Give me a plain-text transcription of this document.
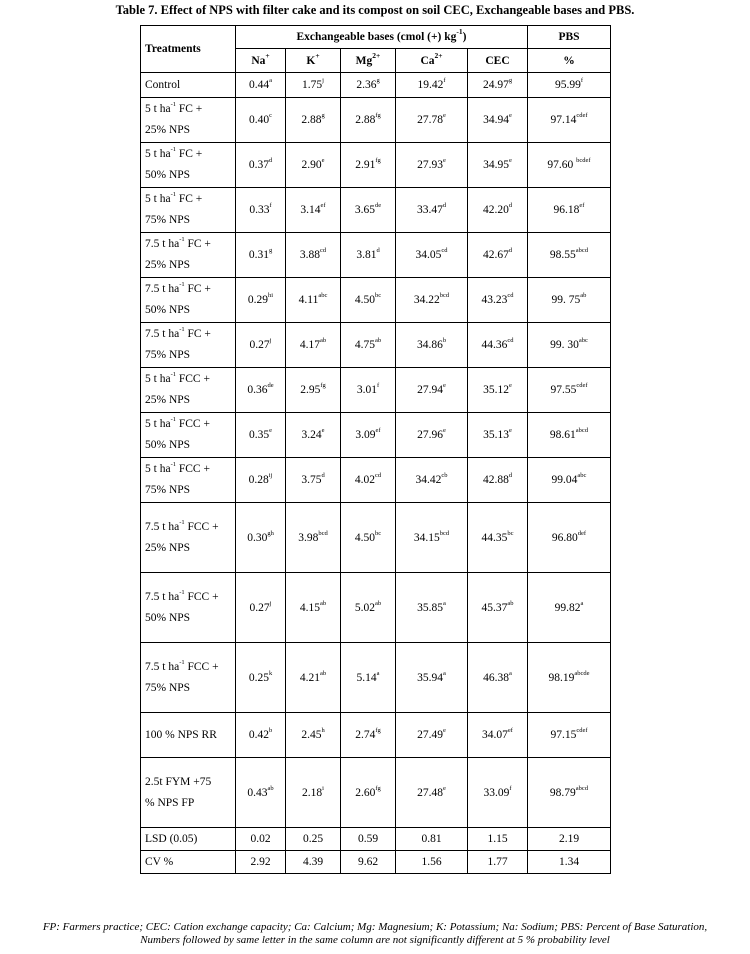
Table 7. Effect of NPS with filter cake and its compost on soil CEC, Exchangeable bases and PBS.
Treatments	Exchangeable bases (cmol (+) $kg^{-1}$)					PBS
	Na+	K+	$Mg^{2+}$	$Ca^{2+}$	CEC	%
Control	0.44$^a$	1.75$^j$	2.36$^g$	19.42$^f$	24.97$^g$	95.99$^f$
5 t $ha^{-1}$ FC +
25% NPS	0.40$^c$	2.88$^g$	2.88$^{fg}$	27.78e	34.94e	$97.14^{cdef}$
5 t $ha^{-1}$ FC +
50% NPS	0.37$^d$	2.90e	2.91$^{fg}$	27.93e	34.95e	97.60 $^{bcdef}$
5 t $ha^{-1}$ FC +
75% NPS	0.33$^f$	3.14$^{ef}$	3.65de	33.47$^d$	42.20$^d$	96.18$^{ef}$
7.5 t $ha^{-1}$ FC +
25% NPS	0.31$^g$	3.88$^{cd}$	3.81$^d$	34.05$^{cd}$	42.67$^d$	$98.55^{abcd}$
7.5 t $ha^{-1}$ FC +
50% NPS	$0.29^{hi}$	4.11$^{abc}$	4.50$^{bc}$	34.22$^{bcd}$	43.23$^{cd}$	99. $75^{ab}$
7.5 t $ha^{-1}$ FC +
75% NPS	0.27$^j$	4.17$^{ab}$	4.75$^{ab}$	34.86$^b$	44.36$^{cd}$	99. $30^{abc}$
5 t $ha^{-1}$ FCC +
25% NPS	0.36de	2.95$^{fg}$	3.01$^f$	27.94e	35.12e	$97.55^{cdef}$
5 t $ha^{-1}$ FCC +
50% NPS	0.35e	3.24e	3.09$^{ef}$	27.96e	35.13e	$98.61^{abcd}$
5 t $ha^{-1}$ FCC +
75% NPS	$0.28^{ij}$	3.75$^d$	4.02$^{cd}$	34.42$^{cb}$	42.88$^d$	99.04$^{abc}$
7.5 t $ha^{-1}$ FCC +
25% NPS	0.30$^{gh}$	3.98$^{bcd}$	4.50$^{bc}$	34.15$^{bcd}$	44.35$^{bc}$	96.80$^{def}$
7.5 t $ha^{-1}$ FCC +
50% NPS	0.27$^j$	4.15$^{ab}$	5.02$^{ab}$	35.85$^a$	45.37$^{ab}$	99.82$^a$
7.5 t $ha^{-1}$ FCC +
75% NPS	0.25$^k$	4.21$^{ab}$	5.14$^a$	35.94$^a$	46.38$^a$	$98.19^{abcde}$
100 % NPS RR	0.42$^b$	2.45$^h$	2.74$^{fg}$	27.49e	34.07$^{ef}$	$97.15^{cdef}$
2.5t FYM +75
% NPS FP	0.43$^{ab}$	2.18$^i$	2.60$^{fg}$	27.48e	33.09$^f$	$98.79^{abcd}$
LSD (0.05)	0.02	0.25	0.59	0.81	1.15	2.19
CV %	2.92	4.39	9.62	1.56	1.77	1.34
FP: Farmers practice; CEC: Cation exchange capacity; Ca: Calcium; Mg: Magnesium; K: Potassium; Na: Sodium; PBS: Percent of Base Saturation,
Numbers followed by same letter in the same column are not significantly different at 5 % probability level
